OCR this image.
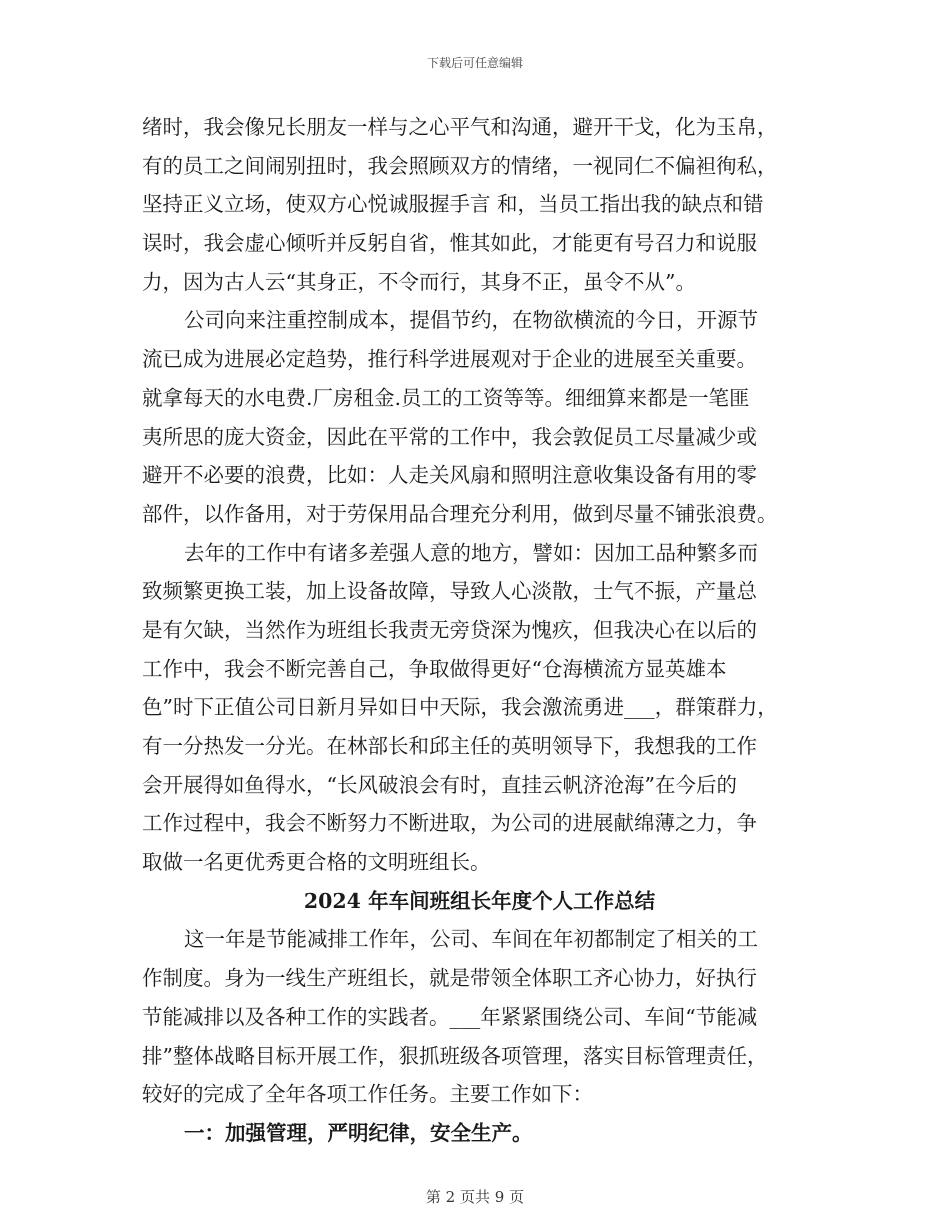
下载后可任意编辑
绪时，我会像兄长朋友一样与之心平气和沟通，避开干戈，化为玉帛，
有的员工之间闹别扭时，我会照顾双方的情绪，一视同仁不偏袒徇私，
坚持正义立场，使双方心悦诚服握手言 和，当员工指出我的缺点和错
误时，我会虚心倾听并反躬自省，惟其如此，才能更有号召力和说服
力，因为古人云“其身正，不令而行，其身不正，虽令不从”。
公司向来注重控制成本，提倡节约，在物欲横流的今日，开源节
流已成为进展必定趋势，推行科学进展观对于企业的进展至关重要。
就拿每天的水电费.厂房租金.员工的工资等等。细细算来都是一笔匪
夷所思的庞大资金，因此在平常的工作中，我会敦促员工尽量减少或
避开不必要的浪费，比如：人走关风扇和照明注意收集设备有用的零
部件，以作备用，对于劳保用品合理充分利用，做到尽量不铺张浪费。
去年的工作中有诸多差强人意的地方，譬如：因加工品种繁多而
致频繁更换工装，加上设备故障，导致人心淡散，士气不振，产量总
是有欠缺，当然作为班组长我责无旁贷深为愧疚，但我决心在以后的
工作中，我会不断完善自己，争取做得更好“仓海横流方显英雄本
色”时下正值公司日新月异如日中天际，我会激流勇进___，群策群力，
有一分热发一分光。在林部长和邱主任的英明领导下，我想我的工作
会开展得如鱼得水，“长风破浪会有时，直挂云帆济沧海”在今后的
工作过程中，我会不断努力不断进取，为公司的进展献绵薄之力，争
取做一名更优秀更合格的文明班组长。
2024 年车间班组长年度个人工作总结
这一年是节能减排工作年，公司、车间在年初都制定了相关的工
作制度。身为一线生产班组长，就是带领全体职工齐心协力，好执行
节能减排以及各种工作的实践者。___年紧紧围绕公司、车间“节能减
排”整体战略目标开展工作，狠抓班级各项管理，落实目标管理责任，
较好的完成了全年各项工作任务。主要工作如下：
一：加强管理，严明纪律，安全生产。
第 2 页共 9 页
